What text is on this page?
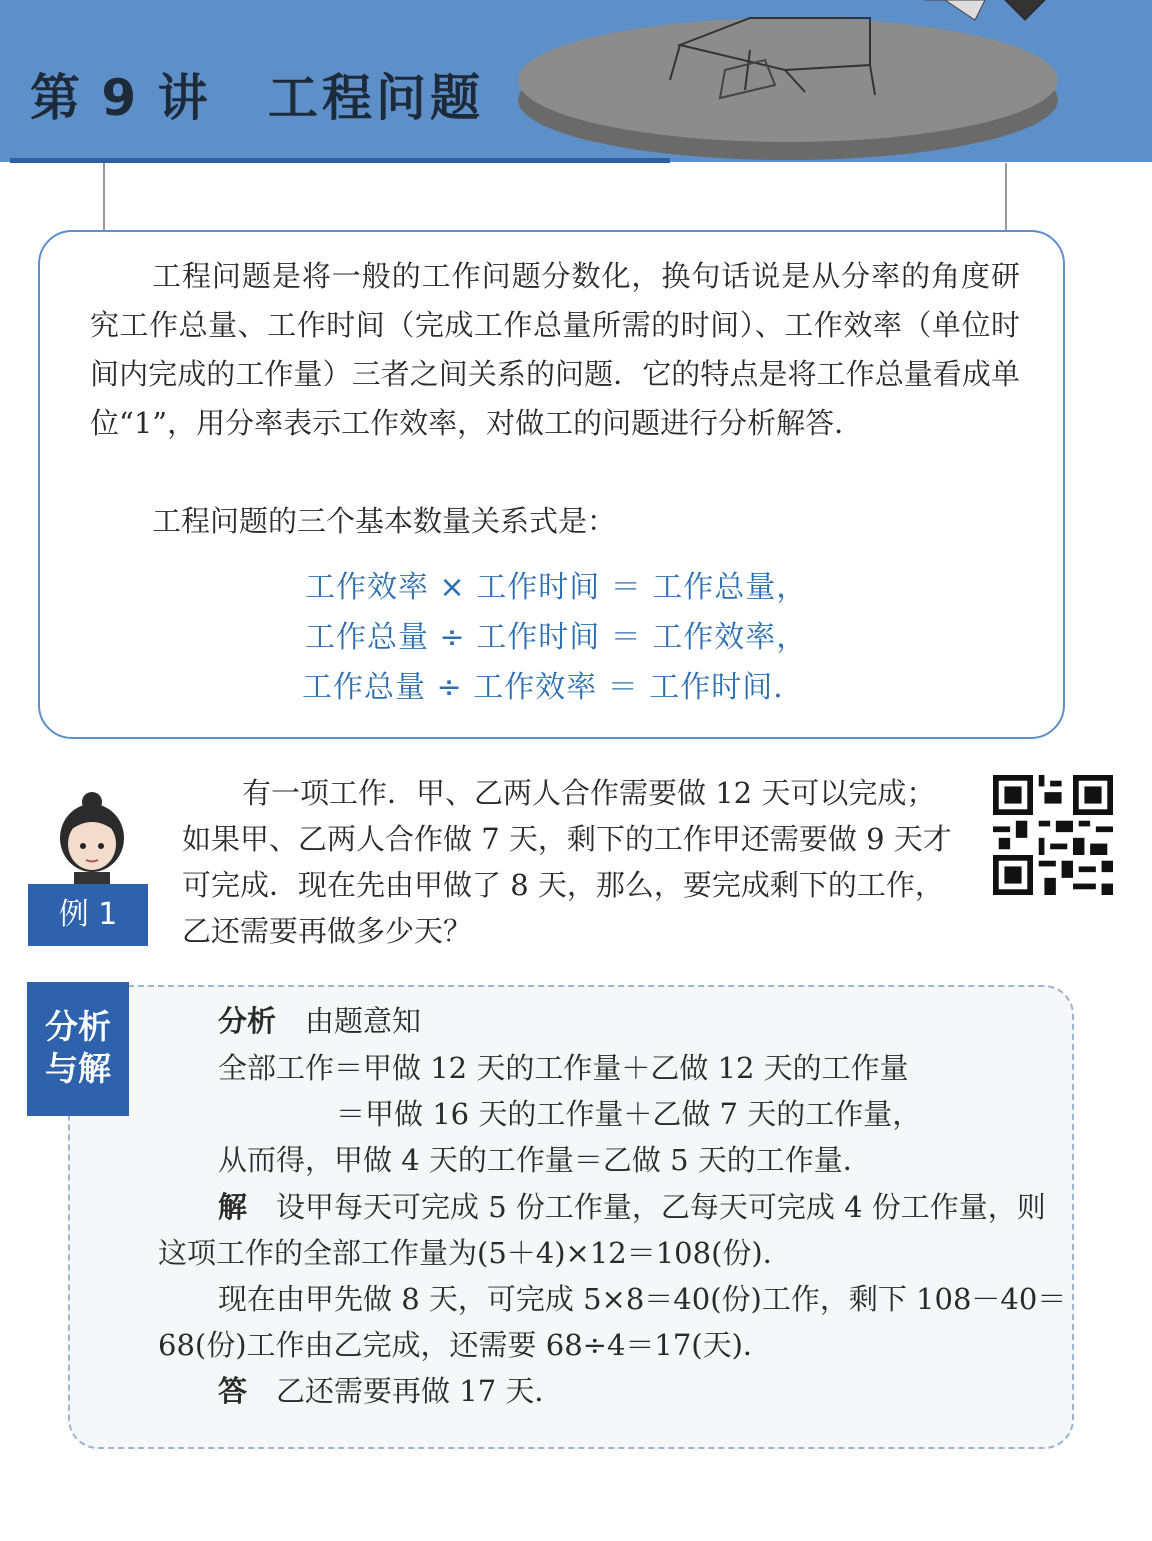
第 9 讲 工程问题
工程问题是将一般的工作问题分数化，换句话说是从分率的角度研究工作总量、工作时间（完成工作总量所需的时间）、工作效率（单位时间内完成的工作量）三者之间关系的问题．它的特点是将工作总量看成单位“1”，用分率表示工作效率，对做工的问题进行分析解答．
工程问题的三个基本数量关系式是：
工作效率 × 工作时间 ＝ 工作总量，
工作总量 ÷ 工作时间 ＝ 工作效率，
工作总量 ÷ 工作效率 ＝ 工作时间．
例 1
有一项工作．甲、乙两人合作需要做 12 天可以完成；如果甲、乙两人合作做 7 天，剩下的工作甲还需要做 9 天才可完成．现在先由甲做了 8 天，那么，要完成剩下的工作，乙还需要再做多少天？
分析
与解
分析　 由题意知
全部工作＝甲做 12 天的工作量＋乙做 12 天的工作量
＝甲做 16 天的工作量＋乙做 7 天的工作量，
从而得，甲做 4 天的工作量＝乙做 5 天的工作量．
解　 设甲每天可完成 5 份工作量，乙每天可完成 4 份工作量，则
这项工作的全部工作量为(5＋4)×12＝108(份)．
现在由甲先做 8 天，可完成 5×8＝40(份)工作，剩下 108－40＝
68(份)工作由乙完成，还需要 68÷4＝17(天)．
答　 乙还需要再做 17 天．
